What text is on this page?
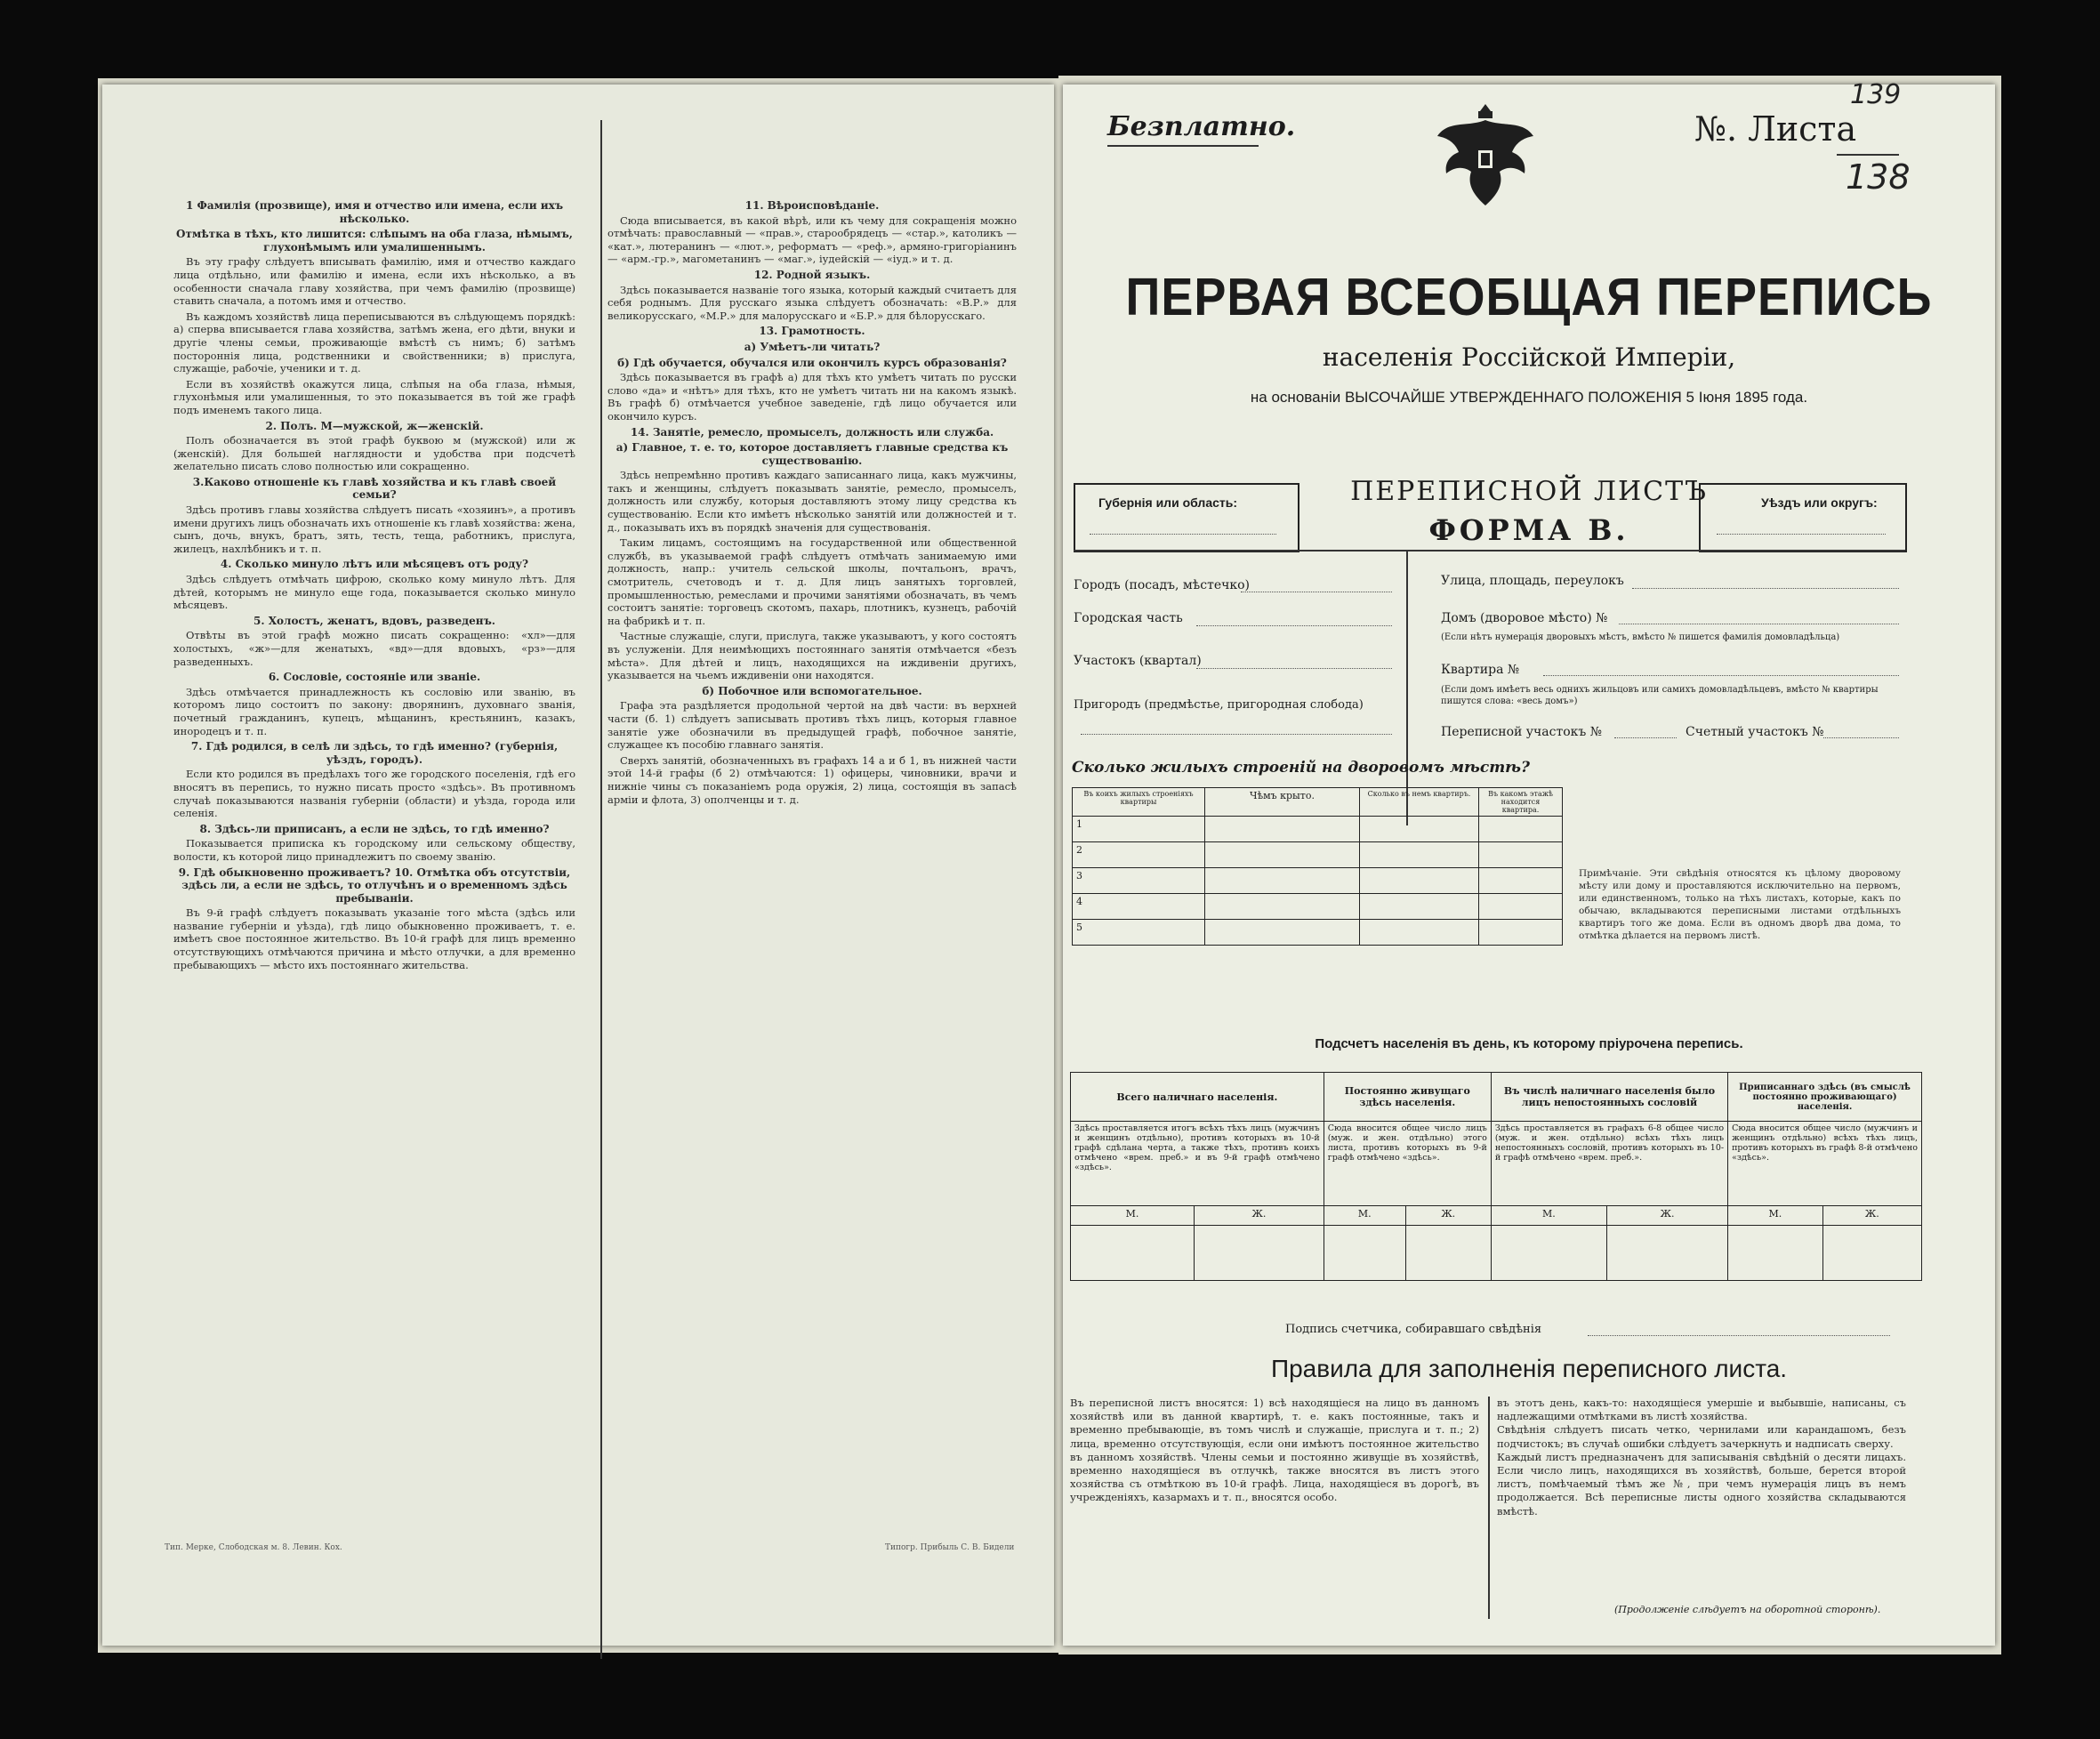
1 Фамилія (прозвище), имя и отчество или имена, если ихъ нѣсколько.

Отмѣтка в тѣхъ, кто лишится: слѣпымъ на оба глаза, нѣмымъ, глухонѣмымъ или умалишеннымъ.

Въ эту графу слѣдуетъ вписывать фамилію, имя и отчество каждаго лица отдѣльно, или фамилію и имена, если ихъ нѣсколько, а въ особенности сначала главу хозяйства, при чемъ фамилію (прозвище) ставить сначала, а потомъ имя и отчество.

Въ каждомъ хозяйствѣ лица переписываются въ слѣдующемъ порядкѣ: а) сперва вписывается глава хозяйства, затѣмъ жена, его дѣти, внуки и другіе члены семьи, проживающіе вмѣстѣ съ нимъ; б) затѣмъ постороннія лица, родственники и свойственники; в) прислуга, служащіе, рабочіе, ученики и т. д.

Если въ хозяйствѣ окажутся лица, слѣпыя на оба глаза, нѣмыя, глухонѣмыя или умалишенныя, то это показывается въ той же графѣ подъ именемъ такого лица.

2. Полъ. М—мужской, ж—женскій.

Полъ обозначается въ этой графѣ буквою м (мужской) или ж (женскій). Для большей наглядности и удобства при подсчетѣ желательно писать слово полностью или сокращенно.

3.Каково отношеніе къ главѣ хозяйства и къ главѣ своей семьи?

Здѣсь противъ главы хозяйства слѣдуетъ писать «хозяинъ», а противъ имени другихъ лицъ обозначать ихъ отношеніе къ главѣ хозяйства: жена, сынъ, дочь, внукъ, братъ, зять, тесть, теща, работникъ, прислуга, жилецъ, нахлѣбникъ и т. п.

4. Сколько минуло лѣтъ или мѣсяцевъ отъ роду?

Здѣсь слѣдуетъ отмѣчать цифрою, сколько кому минуло лѣтъ. Для дѣтей, которымъ не минуло еще года, показывается сколько минуло мѣсяцевъ.

5. Холостъ, женатъ, вдовъ, разведенъ.

Отвѣты въ этой графѣ можно писать сокращенно: «хл»—для холостыхъ, «ж»—для женатыхъ, «вд»—для вдовыхъ, «рз»—для разведенныхъ.

6. Сословіе, состояніе или званіе.

Здѣсь отмѣчается принадлежность къ сословію или званію, въ которомъ лицо состоитъ по закону: дворянинъ, духовнаго званія, почетный гражданинъ, купецъ, мѣщанинъ, крестьянинъ, казакъ, инородецъ и т. п.

7. Гдѣ родился, в селѣ ли здѣсь, то гдѣ именно? (губернія, уѣздъ, городъ).

Если кто родился въ предѣлахъ того же городского поселенія, гдѣ его вносятъ въ перепись, то нужно писать просто «здѣсь». Въ противномъ случаѣ показываются названія губерніи (области) и уѣзда, города или селенія.

8. Здѣсь-ли приписанъ, а если не здѣсь, то гдѣ именно?

Показывается приписка къ городскому или сельскому обществу, волости, къ которой лицо принадлежитъ по своему званію.

9. Гдѣ обыкновенно проживаетъ? 10. Отмѣтка объ отсутствіи, здѣсь ли, а если не здѣсь, то отлучѣнъ и о временномъ здѣсь пребываніи.

Въ 9-й графѣ слѣдуетъ показывать указаніе того мѣста (здѣсь или название губерніи и уѣзда), гдѣ лицо обыкновенно проживаетъ, т. е. имѣетъ свое постоянное жительство. Въ 10-й графѣ для лицъ временно отсутствующихъ отмѣчаются причина и мѣсто отлучки, а для временно пребывающихъ — мѣсто ихъ постояннаго жительства.

11. Вѣроисповѣданіе.

Сюда вписывается, въ какой вѣрѣ, или къ чему для сокращенія можно отмѣчать: православный — «прав.», старообрядецъ — «стар.», католикъ — «кат.», лютеранинъ — «лют.», реформатъ — «реф.», армяно-григоріанинъ — «арм.-гр.», магометанинъ — «маг.», іудейскій — «іуд.» и т. д.

12. Родной языкъ.

Здѣсь показывается названіе того языка, который каждый считаетъ для себя роднымъ. Для русскаго языка слѣдуетъ обозначать: «В.Р.» для великорусскаго, «М.Р.» для малорусскаго и «Б.Р.» для бѣлорусскаго.

13. Грамотность.

а) Умѣетъ-ли читать?

б) Гдѣ обучается, обучался или окончилъ курсъ образованія?

Здѣсь показывается въ графѣ а) для тѣхъ кто умѣетъ читать по русски слово «да» и «нѣтъ» для тѣхъ, кто не умѣетъ читать ни на какомъ языкѣ. Въ графѣ б) отмѣчается учебное заведеніе, гдѣ лицо обучается или окончило курсъ.

14. Занятіе, ремесло, промыселъ, должность или служба.

а) Главное, т. е. то, которое доставляетъ главные средства къ существованію.

Здѣсь непремѣнно противъ каждаго записаннаго лица, какъ мужчины, такъ и женщины, слѣдуетъ показывать занятіе, ремесло, промыселъ, должность или службу, которыя доставляютъ этому лицу средства къ существованію. Если кто имѣетъ нѣсколько занятій или должностей и т. д., показывать ихъ въ порядкѣ значенія для существованія.

Таким лицамъ, состоящимъ на государственной или общественной службѣ, въ указываемой графѣ слѣдуетъ отмѣчать занимаемую ими должность, напр.: учитель сельской школы, почтальонъ, врачъ, смотритель, счетоводъ и т. д. Для лицъ занятыхъ торговлей, промышленностью, ремеслами и прочими занятіями обозначать, въ чемъ состоитъ занятіе: торговецъ скотомъ, пахарь, плотникъ, кузнецъ, рабочій на фабрикѣ и т. п.

Частные служащіе, слуги, прислуга, также указываютъ, у кого состоятъ въ услуженіи. Для неимѣющихъ постояннаго занятія отмѣчается «безъ мѣста». Для дѣтей и лицъ, находящихся на иждивеніи другихъ, указывается на чьемъ иждивеніи они находятся.

б) Побочное или вспомогательное.

Графа эта раздѣляется продольной чертой на двѣ части: въ верхней части (б. 1) слѣдуетъ записывать противъ тѣхъ лицъ, которыя главное занятіе уже обозначили въ предыдущей графѣ, побочное занятіе, служащее къ пособію главнаго занятія.

Сверхъ занятій, обозначенныхъ въ графахъ 14 а и б 1, въ нижней части этой 14-й графы (б 2) отмѣчаются: 1) офицеры, чиновники, врачи и нижніе чины съ показаніемъ рода оружія, 2) лица, состоящія въ запасѣ арміи и флота, 3) ополченцы и т. д.

Тип. Мерке, Слободская м. 8. Левин. Кох.	Типогр. Прибыль С. В. Бидели
Безплатно.	№. Листа
139
138
ПЕРВАЯ ВСЕОБЩАЯ ПЕРЕПИСЬ
населенія Россійской Имперіи,
на основаніи ВЫСОЧАЙШЕ УТВЕРЖДЕННАГО ПОЛОЖЕНІЯ 5 Іюня 1895 года.
Губернія или область:	ПЕРЕПИСНОЙ ЛИСТЪ
ФОРМА В.
Уѣздъ или округъ:
Городъ (посадъ, мѣстечко)
Городская часть
Участокъ (квартал)
Пригородъ (предмѣстье, пригородная слобода)
Улица, площадь, переулокъ
Домъ (дворовое мѣсто) №
(Если нѣтъ нумерація дворовыхъ мѣстъ, вмѣсто № пишется фамилія домовладѣльца)
Квартира №
(Если домъ имѣетъ весь однихъ жильцовъ или самихъ домовладѣльцевъ, вмѣсто № квартиры пишутся слова: «весь домъ»)
Переписной участокъ №	Счетный участокъ №
Сколько жилыхъ строеній на дворовомъ мѣстѣ?
Въ коихъ жилыхъ строеніяхъ квартиры	Чѣмъ крыто.	Сколько въ немъ квартиръ.	Въ какомъ этажѣ находится квартира.
1			
2			
3			
4			
5			
Примѣчаніе. Эти свѣдѣнія относятся къ цѣлому дворовому мѣсту или дому и проставляются исключительно на первомъ, или единственномъ, только на тѣхъ листахъ, которые, какъ по обычаю, вкладываются переписными листами отдѣльныхъ квартиръ того же дома. Если въ одномъ дворѣ два дома, то отмѣтка дѣлается на первомъ листѣ.
Подсчетъ населенія въ день, къ которому пріурочена перепись.
Всего наличнаго населенія.		Постоянно живущаго здѣсь населенія.		Въ числѣ наличнаго населенія было лицъ непостоянныхъ сословій		Приписаннаго здѣсь (въ смыслѣ постоянно проживающаго) населенія.	
Здѣсь проставляется итогъ всѣхъ тѣхъ лицъ (мужчинъ и женщинъ отдѣльно), противъ которыхъ въ 10-й графѣ сдѣлана черта, а также тѣхъ, противъ коихъ отмѣчено «врем. преб.» и въ 9-й графѣ отмѣчено «здѣсь».		Сюда вносится общее число лицъ (муж. и жен. отдѣльно) этого листа, противъ которыхъ въ 9-й графѣ отмѣчено «здѣсь».		Здѣсь проставляется въ графахъ 6-8 общее число (муж. и жен. отдѣльно) всѣхъ тѣхъ лицъ непостоянныхъ сословій, противъ которыхъ въ 10-й графѣ отмѣчено «врем. преб.».		Сюда вносится общее число (мужчинъ и женщинъ отдѣльно) всѣхъ тѣхъ лицъ, противъ которыхъ въ графѣ 8-й отмѣчено «здѣсь».	
М.	Ж.	М.	Ж.	М.	Ж.	М.	Ж.

Подпись счетчика, собиравшаго свѣдѣнія
Правила для заполненія переписного листа.
Въ переписной листъ вносятся: 1) всѣ находящіеся на лицо въ данномъ хозяйствѣ или въ данной квартирѣ, т. е. какъ постоянные, такъ и временно пребывающіе, въ томъ числѣ и служащіе, прислуга и т. п.; 2) лица, временно отсутствующія, если они имѣютъ постоянное жительство въ данномъ хозяйствѣ. Члены семьи и постоянно живущіе въ хозяйствѣ, временно находящіеся въ отлучкѣ, также вносятся въ листъ этого хозяйства съ отмѣткою въ 10-й графѣ. Лица, находящіеся въ дорогѣ, въ учрежденіяхъ, казармахъ и т. п., вносятся особо.
въ этотъ день, какъ-то: находящіеся умершіе и выбывшіе, написаны, съ надлежащими отмѣтками въ лиcтѣ хозяйства.
Свѣдѣнія слѣдуетъ писать четко, чернилами или карандашомъ, безъ подчистокъ; въ случаѣ ошибки слѣдуетъ зачеркнуть и надписать сверху.
Каждый листъ предназначенъ для записыванія свѣдѣній о десяти лицахъ. Если число лицъ, находящихся въ хозяйствѣ, больше, берется второй листъ, помѣчаемый тѣмъ же №, при чемъ нумерація лицъ въ немъ продолжается. Всѣ переписные листы одного хозяйства складываются вмѣстѣ.
(Продолженіе слѣдуетъ на оборотной сторонѣ).
